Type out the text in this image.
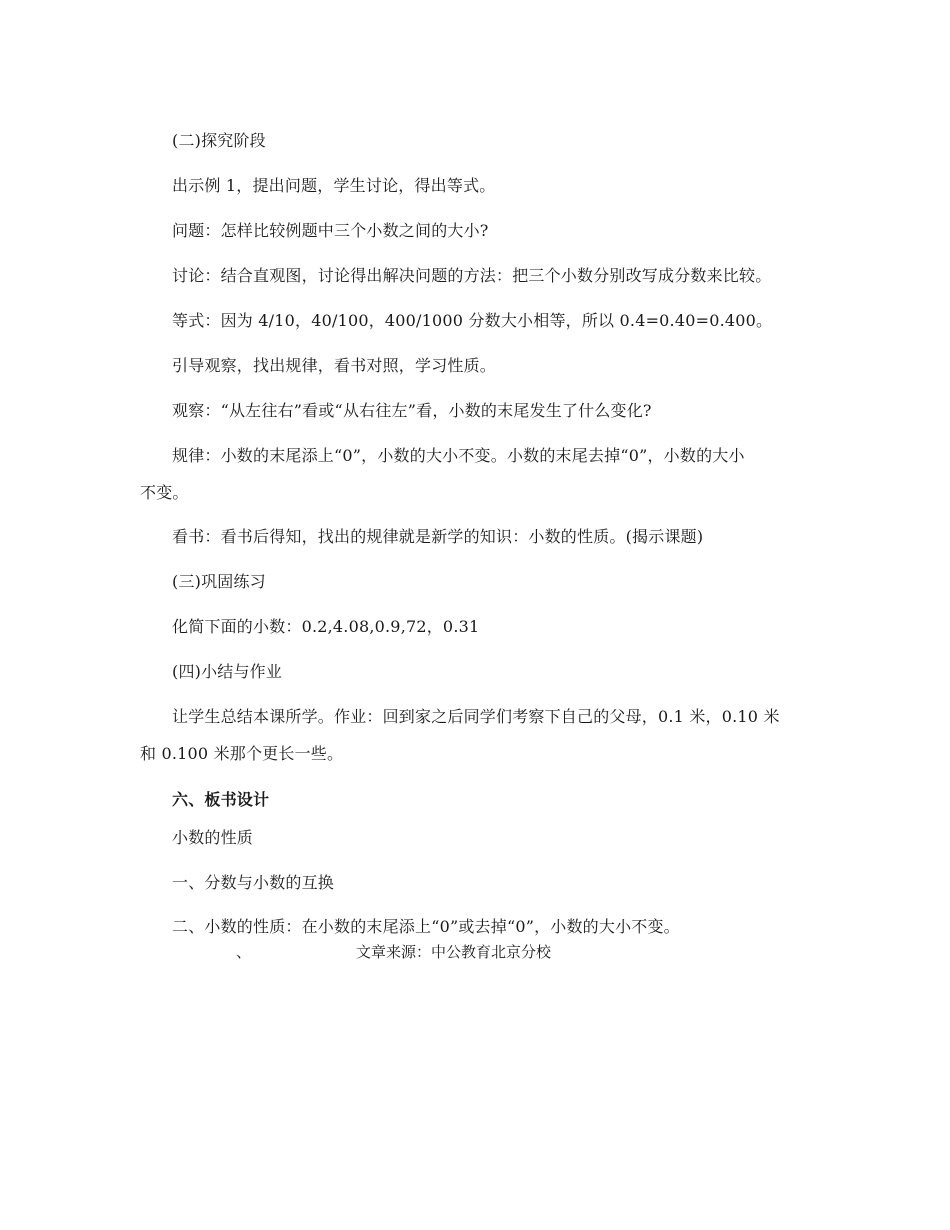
(二)探究阶段
出示例 1，提出问题，学生讨论，得出等式。
问题：怎样比较例题中三个小数之间的大小?
讨论：结合直观图，讨论得出解决问题的方法：把三个小数分别改写成分数来比较。
等式：因为 4/10，40/100，400/1000 分数大小相等，所以 0.4=0.40=0.400。
引导观察，找出规律，看书对照，学习性质。
观察：“从左往右”看或“从右往左”看，小数的末尾发生了什么变化?
规律：小数的末尾添上“0”，小数的大小不变。小数的末尾去掉“0”，小数的大小
不变。
看书：看书后得知，找出的规律就是新学的知识：小数的性质。(揭示课题)
(三)巩固练习
化简下面的小数：0.2,4.08,0.9,72，0.31
(四)小结与作业
让学生总结本课所学。作业：回到家之后同学们考察下自己的父母，0.1 米，0.10 米
和 0.100 米那个更长一些。
六、板书设计
小数的性质
一、分数与小数的互换
二、小数的性质：在小数的末尾添上“0”或去掉“0”，小数的大小不变。
、	文章来源：中公教育北京分校
